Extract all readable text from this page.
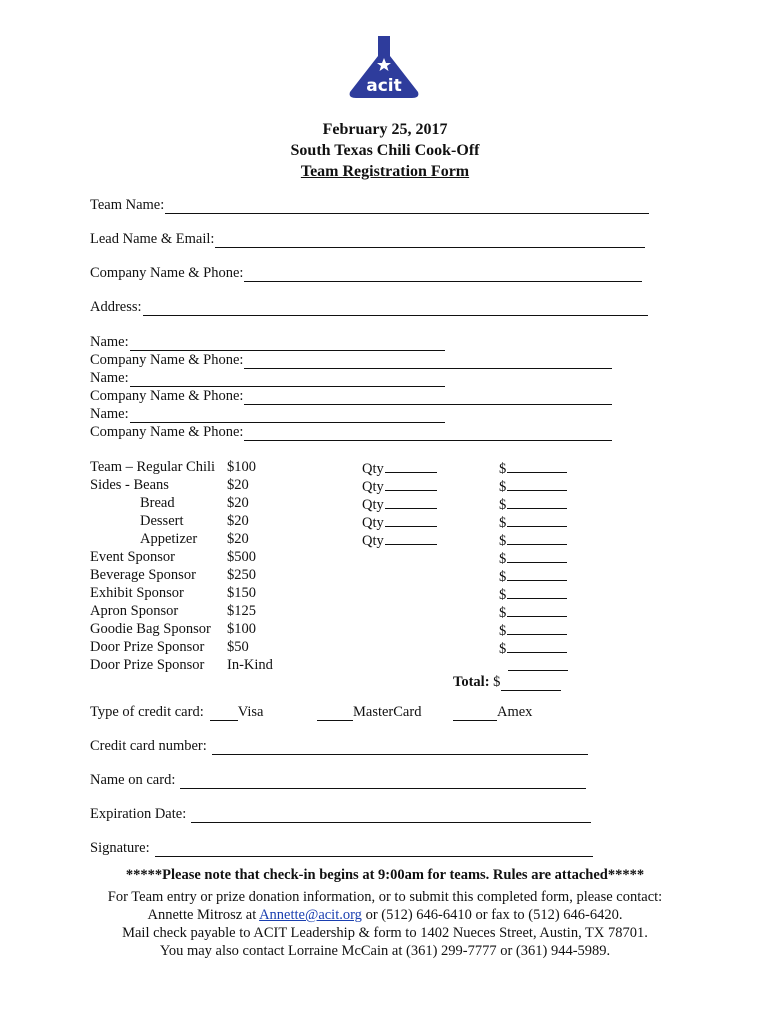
acit
February 25, 2017
South Texas Chili Cook-Off
Team Registration Form
Team Name:
Lead Name & Email:
Company Name & Phone:
Address:
Name:
Company Name & Phone:
Name:
Company Name & Phone:
Name:
Company Name & Phone:
Team – Regular Chili $100	Qty	$
Sides - Beans	$20	Qty	$
Bread	$20	Qty	$
Dessert	$20	Qty	$
Appetizer $20	Qty	$
Event Sponsor	$500	$
Beverage Sponsor $250	$
Exhibit Sponsor	$150	$
Apron Sponsor	$125	$
Goodie Bag Sponsor $100	$
Door Prize Sponsor $50	$
Door Prize Sponsor In-Kind
Total : $
Type of credit card: Visa	MasterCard	Amex
Credit card number:
Name on card:
Expiration Date:
Signature:
*****Please note that check-in begins at 9:00am for teams. Rules are attached*****
For Team entry or prize donation information, or to submit this completed form, please contact:
Annette Mitrosz at Annette@acit.org or (512) 646-6410 or fax to (512) 646-6420.
Mail check payable to ACIT Leadership & form to 1402 Nueces Street, Austin, TX 78701.
You may also contact Lorraine McCain at (361) 299-7777 or (361) 944-5989.
